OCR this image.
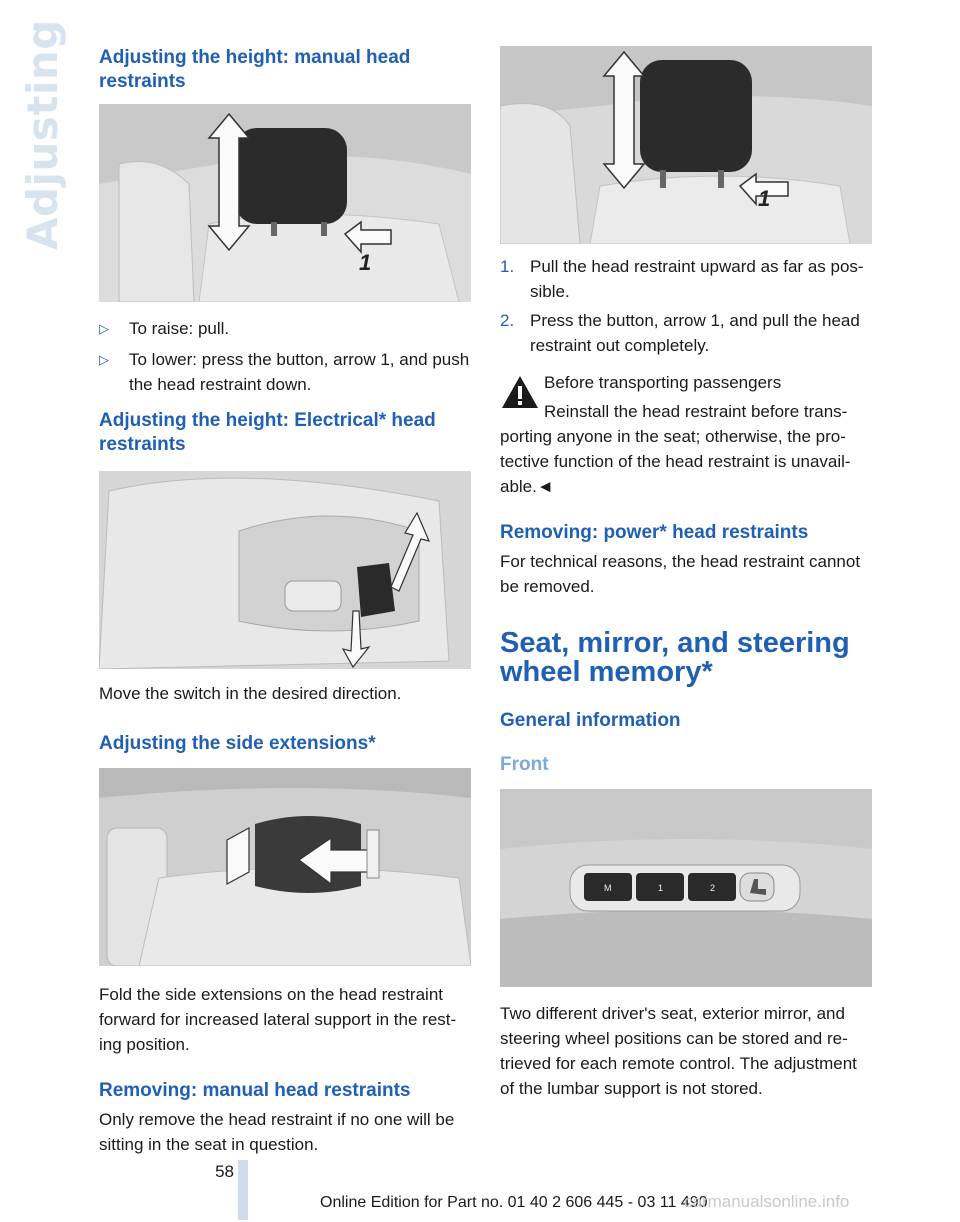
Adjusting Adjusting the height: manual head restraints
1
▷ To raise: pull.
▷ To lower: press the button, arrow 1, and push the head restraint down.
Adjusting the height: Electrical* head restraints

Move the switch in the desired direction.

Adjusting the side extensions*

Fold the side extensions on the head restraint forward for increased lateral support in the rest-ing position.

Removing: manual head restraints

Only remove the head restraint if no one will be sitting in the seat in question.

1
1. Pull the head restraint upward as far as pos-sible.
2. Press the button, arrow 1, and pull the head restraint out completely.

Before transporting passengers

Reinstall the head restraint before trans-

porting anyone in the seat; otherwise, the pro-tective function of the head restraint is unavail-able.◄

Removing: power* head restraints

For technical reasons, the head restraint cannot be removed.

Seat, mirror, and steering wheel memory*
General information
Front
M	1	2

Two different driver's seat, exterior mirror, and steering wheel positions can be stored and re-trieved for each remote control. The adjustment of the lumbar support is not stored.

58
Online Edition for Part no. 01 40 2 606 445 - 03 11 490
carmanualsonline.info
